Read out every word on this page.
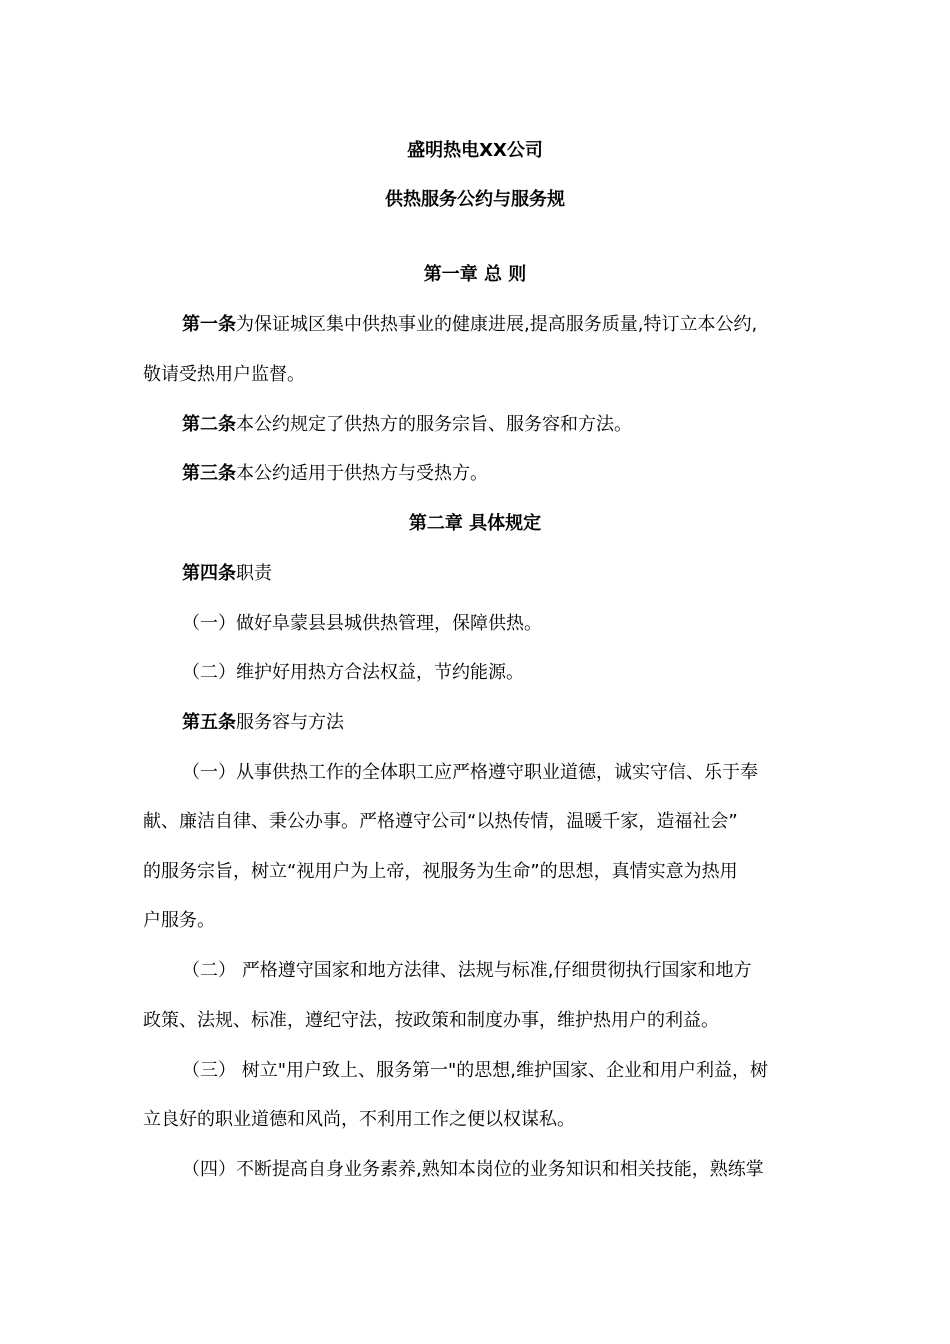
盛明热电XX公司
供热服务公约与服务规
第一章 总 则
第一条为保证城区集中供热事业的健康进展,提高服务质量,特订立本公约,
敬请受热用户监督。
第二条本公约规定了供热方的服务宗旨、服务容和方法。
第三条本公约适用于供热方与受热方。
第二章 具体规定
第四条职责
（一）做好阜蒙县县城供热管理，保障供热。
（二）维护好用热方合法权益，节约能源。
第五条服务容与方法
（一）从事供热工作的全体职工应严格遵守职业道德，诚实守信、乐于奉
献、廉洁自律、秉公办事。严格遵守公司“以热传情，温暖千家，造福社会”
的服务宗旨，树立“视用户为上帝，视服务为生命”的思想，真情实意为热用
户服务。
（二） 严格遵守国家和地方法律、法规与标准,仔细贯彻执行国家和地方
政策、法规、标准，遵纪守法，按政策和制度办事，维护热用户的利益。
（三） 树立"用户致上、服务第一"的思想,维护国家、企业和用户利益，树
立良好的职业道德和风尚，不利用工作之便以权谋私。
（四）不断提高自身业务素养,熟知本岗位的业务知识和相关技能，熟练掌
